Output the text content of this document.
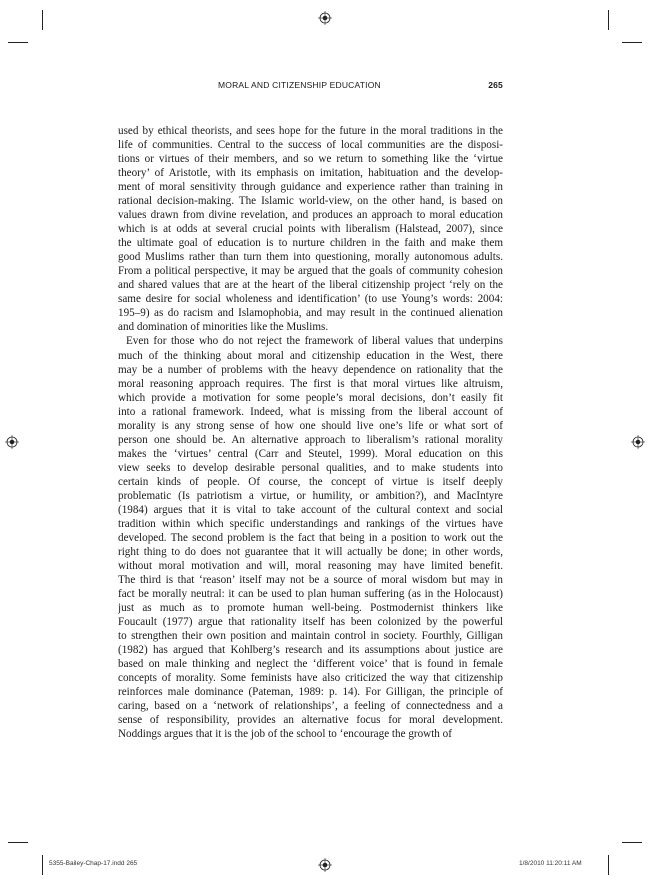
MORAL AND CITIZENSHIP EDUCATION	265
used by ethical theorists, and sees hope for the future in the moral traditions in the
life of communities. Central to the success of local communities are the disposi-
tions or virtues of their members, and so we return to something like the ‘virtue
theory’ of Aristotle, with its emphasis on imitation, habituation and the develop-
ment of moral sensitivity through guidance and experience rather than training in
rational decision-making. The Islamic world-view, on the other hand, is based on
values drawn from divine revelation, and produces an approach to moral education
which is at odds at several crucial points with liberalism (Halstead, 2007), since
the ultimate goal of education is to nurture children in the faith and make them
good Muslims rather than turn them into questioning, morally autonomous adults.
From a political perspective, it may be argued that the goals of community cohesion
and shared values that are at the heart of the liberal citizenship project ‘rely on the
same desire for social wholeness and identification’ (to use Young’s words: 2004:
195–9) as do racism and Islamophobia, and may result in the continued alienation
and domination of minorities like the Muslims.
Even for those who do not reject the framework of liberal values that underpins
much of the thinking about moral and citizenship education in the West, there
may be a number of problems with the heavy dependence on rationality that the
moral reasoning approach requires. The first is that moral virtues like altruism,
which provide a motivation for some people’s moral decisions, don’t easily fit
into a rational framework. Indeed, what is missing from the liberal account of
morality is any strong sense of how one should live one’s life or what sort of
person one should be. An alternative approach to liberalism’s rational morality
makes the ‘virtues’ central (Carr and Steutel, 1999). Moral education on this
view seeks to develop desirable personal qualities, and to make students into
certain kinds of people. Of course, the concept of virtue is itself deeply
problematic (Is patriotism a virtue, or humility, or ambition?), and MacIntyre
(1984) argues that it is vital to take account of the cultural context and social
tradition within which specific understandings and rankings of the virtues have
developed. The second problem is the fact that being in a position to work out the
right thing to do does not guarantee that it will actually be done; in other words,
without moral motivation and will, moral reasoning may have limited benefit.
The third is that ‘reason’ itself may not be a source of moral wisdom but may in
fact be morally neutral: it can be used to plan human suffering (as in the Holocaust)
just as much as to promote human well-being. Postmodernist thinkers like
Foucault (1977) argue that rationality itself has been colonized by the powerful
to strengthen their own position and maintain control in society. Fourthly, Gilligan
(1982) has argued that Kohlberg’s research and its assumptions about justice are
based on male thinking and neglect the ‘different voice’ that is found in female
concepts of morality. Some feminists have also criticized the way that citizenship
reinforces male dominance (Pateman, 1989: p. 14). For Gilligan, the principle of
caring, based on a ‘network of relationships’, a feeling of connectedness and a
sense of responsibility, provides an alternative focus for moral development.
Noddings argues that it is the job of the school to ‘encourage the growth of
5355-Bailey-Chap-17.indd 265	1/8/2010 11:20:11 AM
